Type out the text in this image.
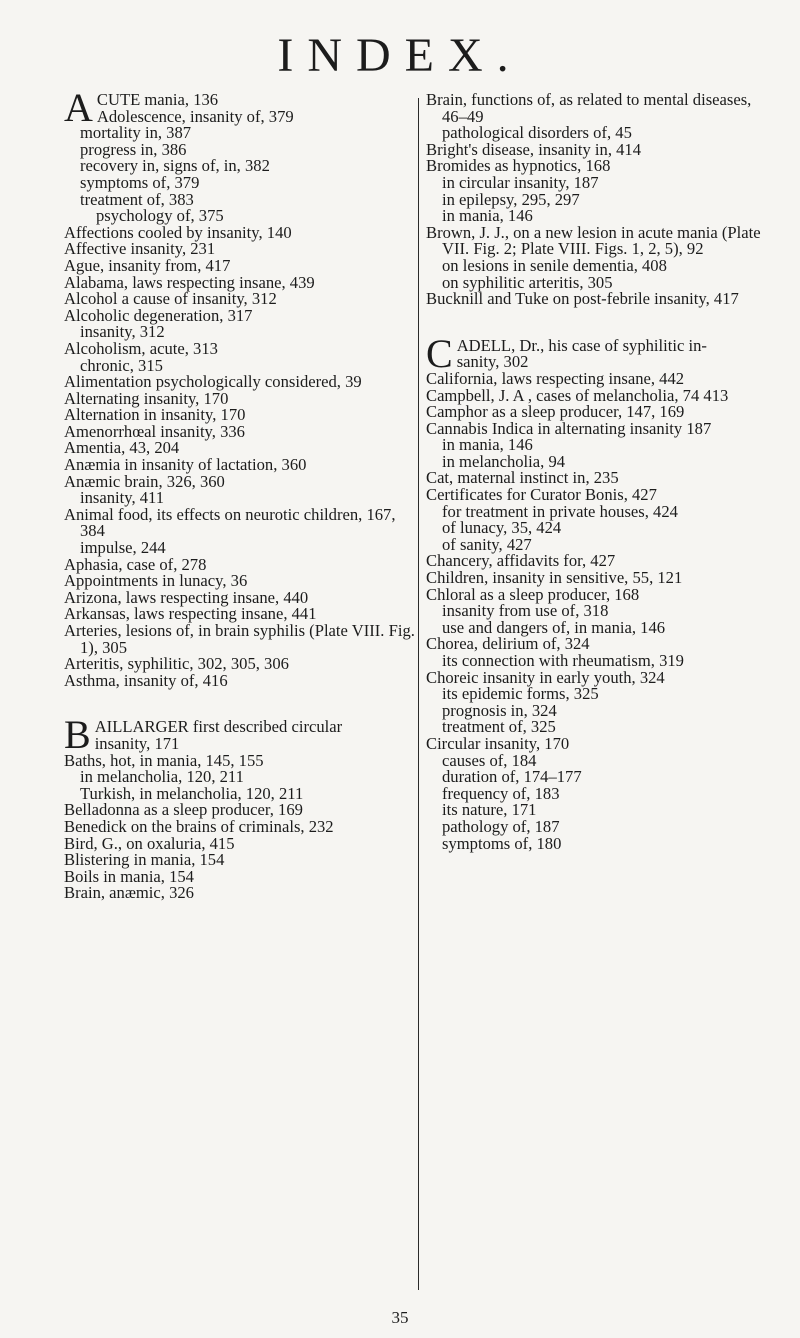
INDEX.
A CUTE mania, 136
Adolescence, insanity of, 379
mortality in, 387
progress in, 386
recovery in, signs of, in, 382
symptoms of, 379
treatment of, 383
psychology of, 375
Affections cooled by insanity, 140
Affective insanity, 231
Ague, insanity from, 417
Alabama, laws respecting insane, 439
Alcohol a cause of insanity, 312
Alcoholic degeneration, 317
insanity, 312
Alcoholism, acute, 313
chronic, 315
Alimentation psychologically considered, 39
Alternating insanity, 170
Alternation in insanity, 170
Amenorrhœal insanity, 336
Amentia, 43, 204
Anæmia in insanity of lactation, 360
Anæmic brain, 326, 360
insanity, 411
Animal food, its effects on neurotic children, 167, 384
impulse, 244
Aphasia, case of, 278
Appointments in lunacy, 36
Arizona, laws respecting insane, 440
Arkansas, laws respecting insane, 441
Arteries, lesions of, in brain syphilis (Plate VIII. Fig. 1), 305
Arteritis, syphilitic, 302, 305, 306
Asthma, insanity of, 416
B AILLARGER first described circular
insanity, 171
Baths, hot, in mania, 145, 155
in melancholia, 120, 211
Turkish, in melancholia, 120, 211
Belladonna as a sleep producer, 169
Benedick on the brains of criminals, 232
Bird, G., on oxaluria, 415
Blistering in mania, 154
Boils in mania, 154
Brain, anæmic, 326
Brain, functions of, as related to mental diseases, 46–49
pathological disorders of, 45
Bright's disease, insanity in, 414
Bromides as hypnotics, 168
in circular insanity, 187
in epilepsy, 295, 297
in mania, 146
Brown, J. J., on a new lesion in acute mania (Plate VII. Fig. 2; Plate VIII. Figs. 1, 2, 5), 92
on lesions in senile dementia, 408
on syphilitic arteritis, 305
Bucknill and Tuke on post-febrile insanity, 417
C ADELL, Dr., his case of syphilitic in-
sanity, 302
California, laws respecting insane, 442
Campbell, J. A , cases of melancholia, 74 413
Camphor as a sleep producer, 147, 169
Cannabis Indica in alternating insanity 187
in mania, 146
in melancholia, 94
Cat, maternal instinct in, 235
Certificates for Curator Bonis, 427
for treatment in private houses, 424
of lunacy, 35, 424
of sanity, 427
Chancery, affidavits for, 427
Children, insanity in sensitive, 55, 121
Chloral as a sleep producer, 168
insanity from use of, 318
use and dangers of, in mania, 146
Chorea, delirium of, 324
its connection with rheumatism, 319
Choreic insanity in early youth, 324
its epidemic forms, 325
prognosis in, 324
treatment of, 325
Circular insanity, 170
causes of, 184
duration of, 174–177
frequency of, 183
its nature, 171
pathology of, 187
symptoms of, 180
35
